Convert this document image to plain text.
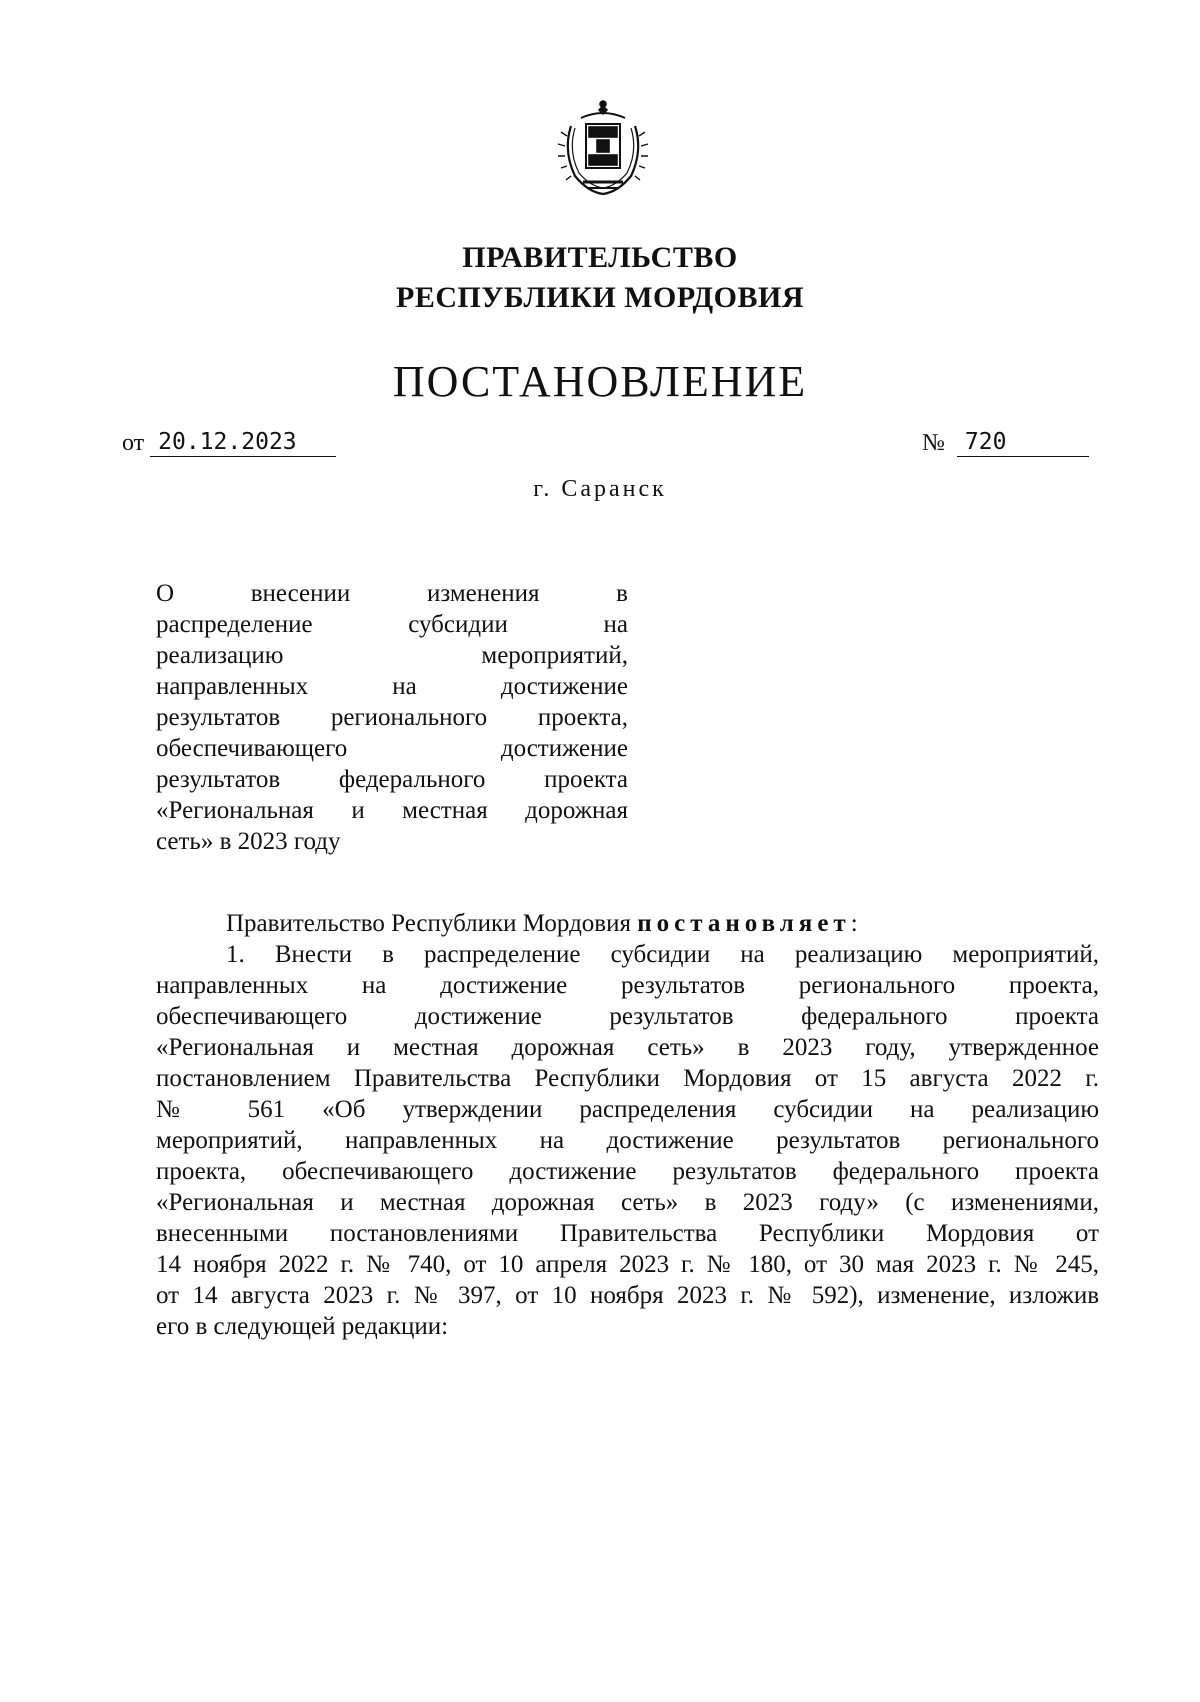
ПРАВИТЕЛЬСТВО
РЕСПУБЛИКИ МОРДОВИЯ
ПОСТАНОВЛЕНИЕ
от 20.12.2023	№ 720
г. Саранск
О внесении изменения в
распределение субсидии на
реализацию мероприятий,
направленных на достижение
результатов регионального проекта,
обеспечивающего достижение
результатов федерального проекта
«Региональная и местная дорожная
сеть» в 2023 году
Правительство Республики Мордовия постановляет:
1. Внести в распределение субсидии на реализацию мероприятий,
направленных на достижение результатов регионального проекта,
обеспечивающего достижение результатов федерального проекта
«Региональная и местная дорожная сеть» в 2023 году, утвержденное
постановлением Правительства Республики Мордовия от 15 августа 2022 г.
№ 561 «Об утверждении распределения субсидии на реализацию
мероприятий, направленных на достижение результатов регионального
проекта, обеспечивающего достижение результатов федерального проекта
«Региональная и местная дорожная сеть» в 2023 году» (с изменениями,
внесенными постановлениями Правительства Республики Мордовия от
14 ноября 2022 г. № 740, от 10 апреля 2023 г. № 180, от 30 мая 2023 г. № 245,
от 14 августа 2023 г. № 397, от 10 ноября 2023 г. № 592), изменение, изложив
его в следующей редакции:
